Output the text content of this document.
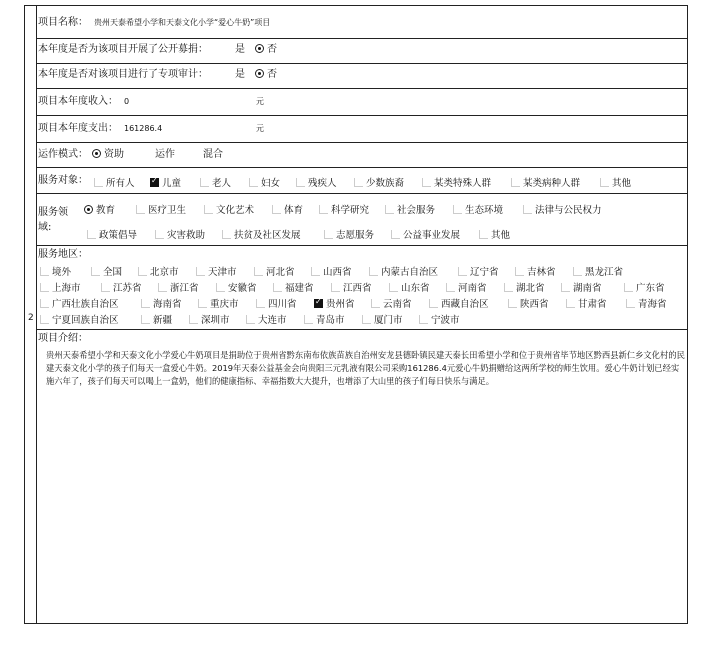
2
项目名称： 贵州天泰希望小学和天泰文化小学“爱心牛奶”项目
本年度是否为该项目开展了公开募捐：	是	否
本年度是否对该项目进行了专项审计：	是	否
项目本年度收入： 0	元
项目本年度支出： 161286.4	元
运作模式：	资助	运作	混合
服务对象：	所有人 ✓	儿童	老人	妇女	残疾人	少数族裔	某类特殊人群	某类病种人群	其他
服务领
域:
教育	医疗卫生	文化艺术	体育	科学研究	社会服务	生态环境	法律与公民权力
政策倡导	灾害救助	扶贫及社区发展	志愿服务	公益事业发展	其他
服务地区：
境外	全国	北京市	天津市	河北省	山西省	内蒙古自治区	辽宁省	吉林省	黑龙江省
上海市	江苏省	浙江省	安徽省	福建省	江西省	山东省	河南省	湖北省	湖南省	广东省
广西壮族自治区	海南省	重庆市	四川省 ✓	贵州省	云南省	西藏自治区	陕西省	甘肃省	青海省
宁夏回族自治区	新疆	深圳市	大连市	青岛市	厦门市	宁波市
项目介绍：
贵州天泰希望小学和天泰文化小学爱心牛奶项目是捐助位于贵州省黔东南布依族苗族自治州安龙县德卧镇民建天泰长田希望小学和位于贵州省毕节地区黔西县新仁乡文化村的民建天泰文化小学的孩子们每天一盒爱心牛奶。2019年天泰公益基金会向贵阳三元乳液有限公司采购161286.4元爱心牛奶捐赠给这两所学校的师生饮用。爱心牛奶计划已经实施六年了，孩子们每天可以喝上一盒奶，他们的健康指标、幸福指数大大提升，也增添了大山里的孩子们每日快乐与满足。
